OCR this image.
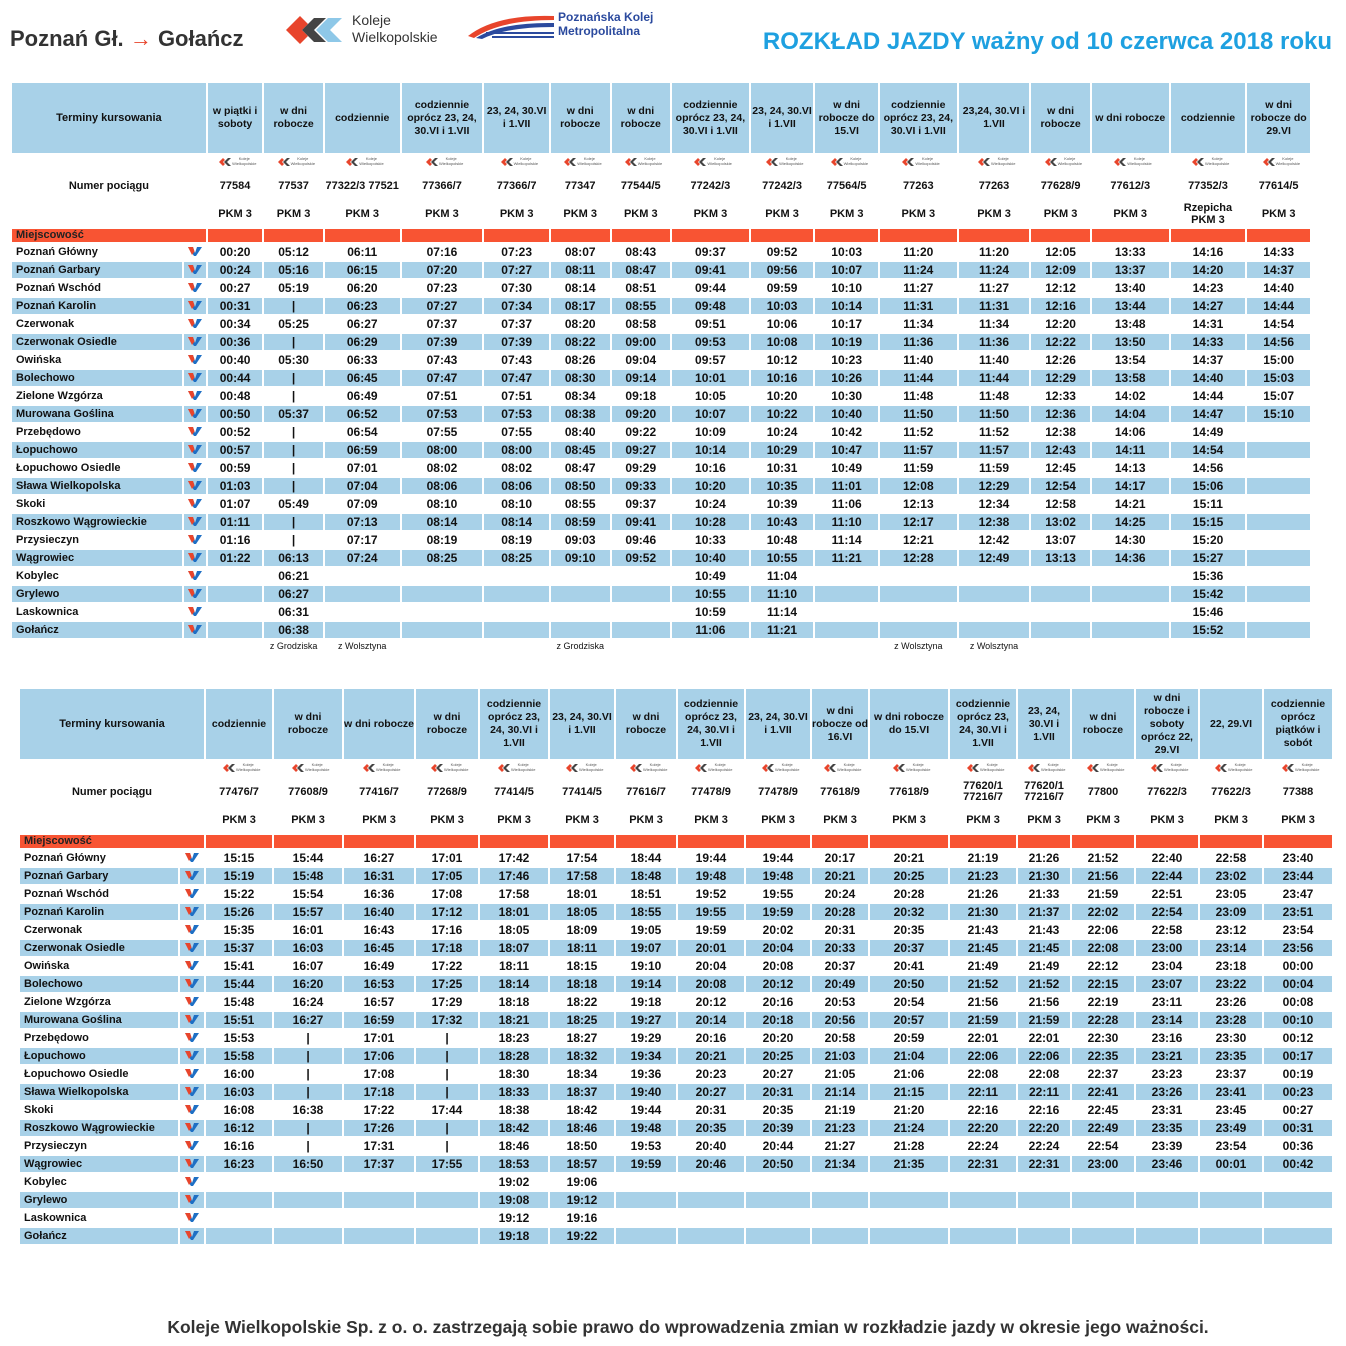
Poznań Gł. → Gołańcz
Koleje
Wielkopolskie
Poznańska Kolej
Metropolitalna	ROZKŁAD JAZDY ważny od 10 czerwca 2018 roku
Terminy kursowania		w piątki i soboty	w dni robocze	codziennie	codziennie oprócz 23, 24, 30.VI i 1.VII	23, 24, 30.VI i 1.VII	w dni robocze	w dni robocze	codziennie oprócz 23, 24, 30.VI i 1.VII	23, 24, 30.VI i 1.VII	w dni robocze do 15.VI	codziennie oprócz 23, 24, 30.VI i 1.VII	23,24, 30.VI i 1.VII	w dni robocze	w dni robocze	codziennie	w dni robocze do 29.VI

		Koleje
Wielkopolskie	Koleje
Wielkopolskie	Koleje
Wielkopolskie	Koleje
Wielkopolskie	Koleje
Wielkopolskie	Koleje
Wielkopolskie	Koleje
Wielkopolskie	Koleje
Wielkopolskie	Koleje
Wielkopolskie	Koleje
Wielkopolskie	Koleje
Wielkopolskie	Koleje
Wielkopolskie	Koleje
Wielkopolskie	Koleje
Wielkopolskie	Koleje
Wielkopolskie	Koleje
Wielkopolskie

Numer pociągu		77584	77537	77322/3 77521	77366/7	77366/7	77347	77544/5	77242/3	77242/3	77564/5	77263	77263	77628/9	77612/3	77352/3	77614/5
		PKM 3	PKM 3	PKM 3	PKM 3	PKM 3	PKM 3	PKM 3	PKM 3	PKM 3	PKM 3	PKM 3	PKM 3	PKM 3	PKM 3	Rzepicha PKM 3	PKM 3
Miejscowość																	
Poznań Główny		00:20	05:12	06:11	07:16	07:23	08:07	08:43	09:37	09:52	10:03	11:20	11:20	12:05	13:33	14:16	14:33
Poznań Garbary		00:24	05:16	06:15	07:20	07:27	08:11	08:47	09:41	09:56	10:07	11:24	11:24	12:09	13:37	14:20	14:37
Poznań Wschód		00:27	05:19	06:20	07:23	07:30	08:14	08:51	09:44	09:59	10:10	11:27	11:27	12:12	13:40	14:23	14:40
Poznań Karolin		00:31	|	06:23	07:27	07:34	08:17	08:55	09:48	10:03	10:14	11:31	11:31	12:16	13:44	14:27	14:44
Czerwonak		00:34	05:25	06:27	07:37	07:37	08:20	08:58	09:51	10:06	10:17	11:34	11:34	12:20	13:48	14:31	14:54
Czerwonak Osiedle		00:36	|	06:29	07:39	07:39	08:22	09:00	09:53	10:08	10:19	11:36	11:36	12:22	13:50	14:33	14:56
Owińska		00:40	05:30	06:33	07:43	07:43	08:26	09:04	09:57	10:12	10:23	11:40	11:40	12:26	13:54	14:37	15:00
Bolechowo		00:44	|	06:45	07:47	07:47	08:30	09:14	10:01	10:16	10:26	11:44	11:44	12:29	13:58	14:40	15:03
Zielone Wzgórza		00:48	|	06:49	07:51	07:51	08:34	09:18	10:05	10:20	10:30	11:48	11:48	12:33	14:02	14:44	15:07
Murowana Goślina		00:50	05:37	06:52	07:53	07:53	08:38	09:20	10:07	10:22	10:40	11:50	11:50	12:36	14:04	14:47	15:10
Przebędowo		00:52	|	06:54	07:55	07:55	08:40	09:22	10:09	10:24	10:42	11:52	11:52	12:38	14:06	14:49	
Łopuchowo		00:57	|	06:59	08:00	08:00	08:45	09:27	10:14	10:29	10:47	11:57	11:57	12:43	14:11	14:54	
Łopuchowo Osiedle		00:59	|	07:01	08:02	08:02	08:47	09:29	10:16	10:31	10:49	11:59	11:59	12:45	14:13	14:56	
Sława Wielkopolska		01:03	|	07:04	08:06	08:06	08:50	09:33	10:20	10:35	11:01	12:08	12:29	12:54	14:17	15:06	
Skoki		01:07	05:49	07:09	08:10	08:10	08:55	09:37	10:24	10:39	11:06	12:13	12:34	12:58	14:21	15:11	
Roszkowo Wągrowieckie		01:11	|	07:13	08:14	08:14	08:59	09:41	10:28	10:43	11:10	12:17	12:38	13:02	14:25	15:15	
Przysieczyn		01:16	|	07:17	08:19	08:19	09:03	09:46	10:33	10:48	11:14	12:21	12:42	13:07	14:30	15:20	
Wągrowiec		01:22	06:13	07:24	08:25	08:25	09:10	09:52	10:40	10:55	11:21	12:28	12:49	13:13	14:36	15:27	
Kobylec			06:21						10:49	11:04						15:36	
Grylewo			06:27						10:55	11:10						15:42	
Laskownica			06:31						10:59	11:14						15:46	
Gołańcz			06:38						11:06	11:21						15:52	
			z Grodziska	z Wolsztyna			z Grodziska					z Wolsztyna	z Wolsztyna				
Terminy kursowania		codziennie	w dni robocze	w dni robocze	w dni robocze	codziennie oprócz 23, 24, 30.VI i 1.VII	23, 24, 30.VI i 1.VII	w dni robocze	codziennie oprócz 23, 24, 30.VI i 1.VII	23, 24, 30.VI i 1.VII	w dni robocze od 16.VI	w dni robocze do 15.VI	codziennie oprócz 23, 24, 30.VI i 1.VII	23, 24, 30.VI i 1.VII	w dni robocze	w dni robocze i soboty oprócz 22, 29.VI	22, 29.VI	codziennie oprócz piątków i sobót

		Koleje
Wielkopolskie	Koleje
Wielkopolskie	Koleje
Wielkopolskie	Koleje
Wielkopolskie	Koleje
Wielkopolskie	Koleje
Wielkopolskie	Koleje
Wielkopolskie	Koleje
Wielkopolskie	Koleje
Wielkopolskie	Koleje
Wielkopolskie	Koleje
Wielkopolskie	Koleje
Wielkopolskie	Koleje
Wielkopolskie	Koleje
Wielkopolskie	Koleje
Wielkopolskie	Koleje
Wielkopolskie	Koleje
Wielkopolskie

Numer pociągu		77476/7	77608/9	77416/7	77268/9	77414/5	77414/5	77616/7	77478/9	77478/9	77618/9	77618/9	77620/1 77216/7	77620/1 77216/7	77800	77622/3	77622/3	77388
		PKM 3	PKM 3	PKM 3	PKM 3	PKM 3	PKM 3	PKM 3	PKM 3	PKM 3	PKM 3	PKM 3	PKM 3	PKM 3	PKM 3	PKM 3	PKM 3	PKM 3
Miejscowość																		
Poznań Główny		15:15	15:44	16:27	17:01	17:42	17:54	18:44	19:44	19:44	20:17	20:21	21:19	21:26	21:52	22:40	22:58	23:40
Poznań Garbary		15:19	15:48	16:31	17:05	17:46	17:58	18:48	19:48	19:48	20:21	20:25	21:23	21:30	21:56	22:44	23:02	23:44
Poznań Wschód		15:22	15:54	16:36	17:08	17:58	18:01	18:51	19:52	19:55	20:24	20:28	21:26	21:33	21:59	22:51	23:05	23:47
Poznań Karolin		15:26	15:57	16:40	17:12	18:01	18:05	18:55	19:55	19:59	20:28	20:32	21:30	21:37	22:02	22:54	23:09	23:51
Czerwonak		15:35	16:01	16:43	17:16	18:05	18:09	19:05	19:59	20:02	20:31	20:35	21:43	21:43	22:06	22:58	23:12	23:54
Czerwonak Osiedle		15:37	16:03	16:45	17:18	18:07	18:11	19:07	20:01	20:04	20:33	20:37	21:45	21:45	22:08	23:00	23:14	23:56
Owińska		15:41	16:07	16:49	17:22	18:11	18:15	19:10	20:04	20:08	20:37	20:41	21:49	21:49	22:12	23:04	23:18	00:00
Bolechowo		15:44	16:20	16:53	17:25	18:14	18:18	19:14	20:08	20:12	20:49	20:50	21:52	21:52	22:15	23:07	23:22	00:04
Zielone Wzgórza		15:48	16:24	16:57	17:29	18:18	18:22	19:18	20:12	20:16	20:53	20:54	21:56	21:56	22:19	23:11	23:26	00:08
Murowana Goślina		15:51	16:27	16:59	17:32	18:21	18:25	19:27	20:14	20:18	20:56	20:57	21:59	21:59	22:28	23:14	23:28	00:10
Przebędowo		15:53	|	17:01	|	18:23	18:27	19:29	20:16	20:20	20:58	20:59	22:01	22:01	22:30	23:16	23:30	00:12
Łopuchowo		15:58	|	17:06	|	18:28	18:32	19:34	20:21	20:25	21:03	21:04	22:06	22:06	22:35	23:21	23:35	00:17
Łopuchowo Osiedle		16:00	|	17:08	|	18:30	18:34	19:36	20:23	20:27	21:05	21:06	22:08	22:08	22:37	23:23	23:37	00:19
Sława Wielkopolska		16:03	|	17:18	|	18:33	18:37	19:40	20:27	20:31	21:14	21:15	22:11	22:11	22:41	23:26	23:41	00:23
Skoki		16:08	16:38	17:22	17:44	18:38	18:42	19:44	20:31	20:35	21:19	21:20	22:16	22:16	22:45	23:31	23:45	00:27
Roszkowo Wągrowieckie		16:12	|	17:26	|	18:42	18:46	19:48	20:35	20:39	21:23	21:24	22:20	22:20	22:49	23:35	23:49	00:31
Przysieczyn		16:16	|	17:31	|	18:46	18:50	19:53	20:40	20:44	21:27	21:28	22:24	22:24	22:54	23:39	23:54	00:36
Wągrowiec		16:23	16:50	17:37	17:55	18:53	18:57	19:59	20:46	20:50	21:34	21:35	22:31	22:31	23:00	23:46	00:01	00:42
Kobylec						19:02	19:06											
Grylewo						19:08	19:12											
Laskownica						19:12	19:16											
Gołańcz						19:18	19:22											
Koleje Wielkopolskie Sp. z o. o. zastrzegają sobie prawo do wprowadzenia zmian w rozkładzie jazdy w okresie jego ważności.
